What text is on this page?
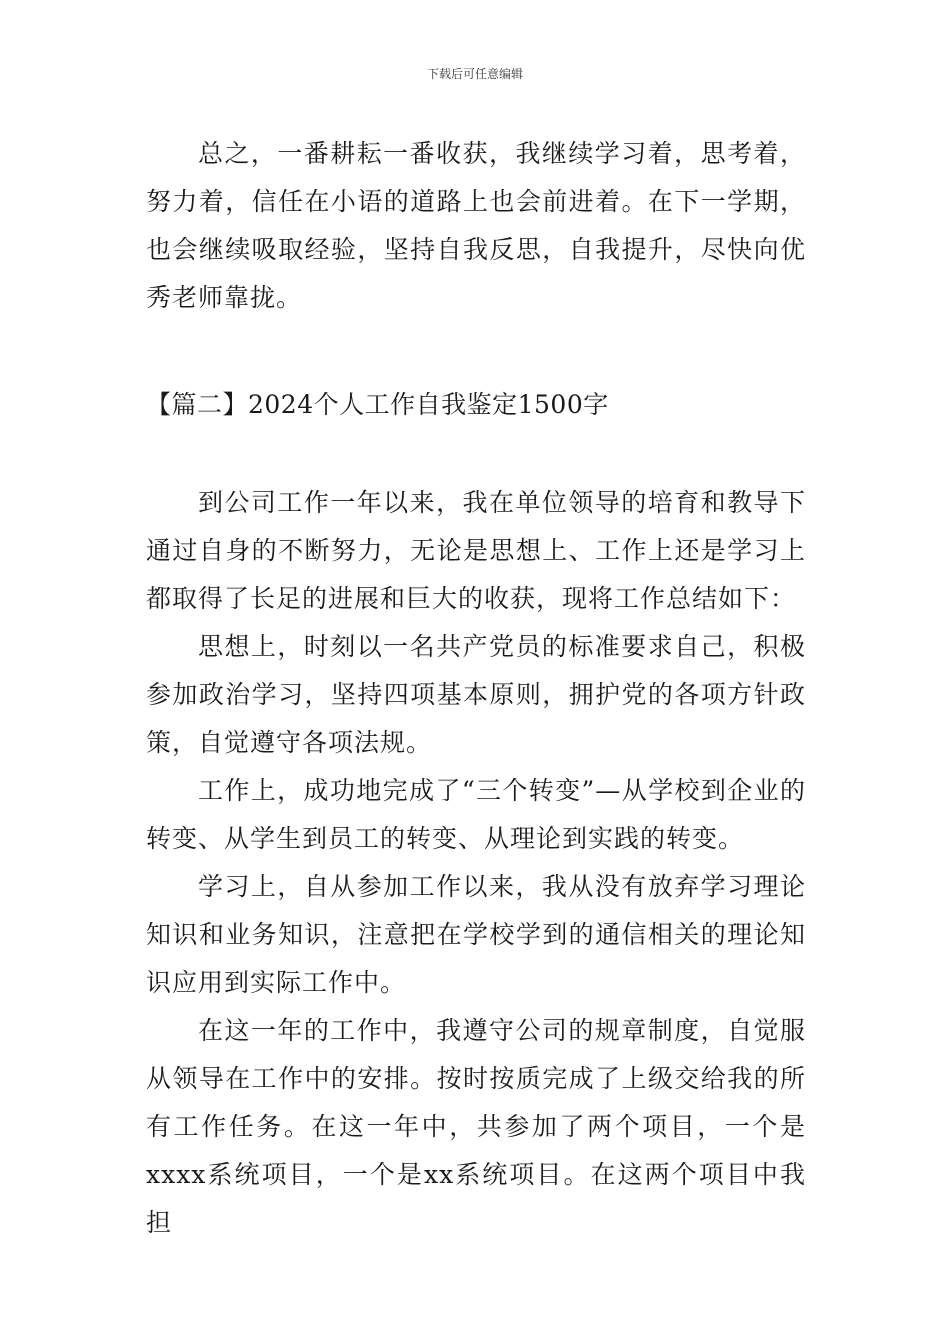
下载后可任意编辑

总之，一番耕耘一番收获，我继续学习着，思考着，努力着，信任在小语的道路上也会前进着。在下一学期，也会继续吸取经验，坚持自我反思，自我提升，尽快向优秀老师靠拢。

【篇二】2024个人工作自我鉴定1500字

到公司工作一年以来，我在单位领导的培育和教导下通过自身的不断努力，无论是思想上、工作上还是学习上都取得了长足的进展和巨大的收获，现将工作总结如下：

思想上，时刻以一名共产党员的标准要求自己，积极参加政治学习，坚持四项基本原则，拥护党的各项方针政策，自觉遵守各项法规。

工作上，成功地完成了“三个转变”—从学校到企业的转变、从学生到员工的转变、从理论到实践的转变。

学习上，自从参加工作以来，我从没有放弃学习理论知识和业务知识，注意把在学校学到的通信相关的理论知识应用到实际工作中。

在这一年的工作中，我遵守公司的规章制度，自觉服从领导在工作中的安排。按时按质完成了上级交给我的所有工作任务。在这一年中，共参加了两个项目，一个是xxxx系统项目，一个是xx系统项目。在这两个项目中我担
